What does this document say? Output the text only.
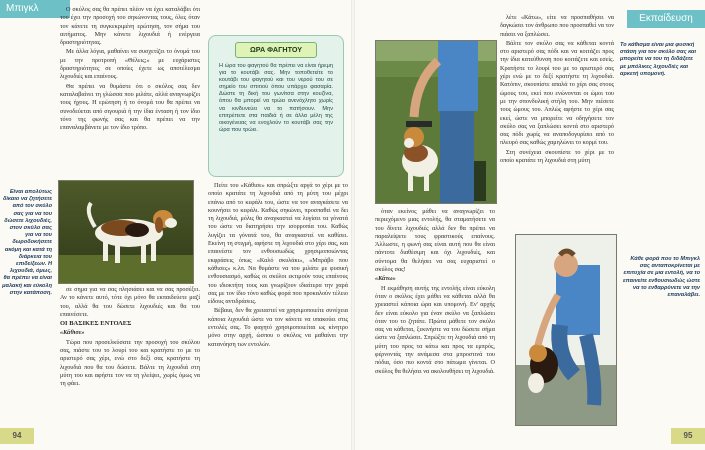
Μπιγκλ	Ο σκύλος σας θα πρέπει πλέον να έχει καταλάβει ότι του έχει την προσοχή του σηκώνοντας τους, όλες όταν τον κάνετε τη συγκεκριμένη ερώτηση, τον σήμα του αιτήματος. Μην κάνετε λιχουδιά ή ενέργεια δραστηριότητας.

Με άλλα λόγια, μαθαίνει να συσχετίζει το όνομά του με την προτροπή «Θέλεις;» με ευχάριστες δραστηριότητες σε οποίες έχετε ως αποτέλεσμα λιχουδιές και επαίνους.

Θα πρέπει να θυμάστε ότι ο σκύλος σας δεν καταλαβαίνει τη γλώσσα που μιλάτε, αλλά αναγνωρίζει τους ήχους. Η ερώτηση ή το όνομά του θα πρέπει να συνοδεύεται από σιγουριά ή την ίδια ένταση ή τον ίδιο τόνο της φωνής σας και θα πρέπει να την επαναλαμβάνετε με τον ίδιο τρόπο.

Είναι απολύτως δίκαιο να ζητήσετε από τον σκύλο σας για να του δώσετε λιχουδιές, στον σκύλο σας για να του δωροδοκήσετε ακόμη και κατά τη διάρκεια του επιδείξεων. Η λιχουδιά, όμως, θα πρέπει να είναι μαλακή και εύκολη στην κατάποση.	σε σημα για να σας πλησιάσει και να σας προσέξει. Αν το κάνετε αυτό, τότε όχι μόνο θα εκπαιδεύετε μαζί του, αλλά θα του δώσετε λιχουδιές και θα του επαινέσετε.

ΟΙ ΒΑΣΙΚΕΣ ΕΝΤΟΛΕΣ

«Κάθισε»

Τώρα που προσελκύσατε την προσοχή του σκύλου σας, πιάστε του το λουρί του και κρατήστε το με το αριστερό σας χέρι, ενώ στο δεξί σας κρατήστε τη λιχουδιά που θα του δώσετε. Βάλτε τη λιχουδιά στη μύτη του και αφήστε τον να τη γλείψει, χωρίς όμως να τη φάει.

ΩΡΑ ΦΑΓΗΤΟΥ
Η ώρα του φαγητού θα πρέπει να είναι ήρεμη για το κουτάβι σας. Μην τοποθετείτε το κουτάβι του φαγητού και του νερού του σε σημείο του σπιτιού όπου υπάρχει φασαρία. Δώστε τη δική του γωνίτσα στην κουζίνα, όπου θα μπορεί να τρώει ανενόχλητο χωρίς να κινδυνεύει να το πατήσουν. Μην επιτρέπετε στα παιδιά ή σε άλλα μέλη της οικογένειας να ενοχλούν το κουτάβι σας την ώρα που τρώει.

Πείτε του «Κάθισε» και σπρώξτε αργά το χέρι με το οποίο κρατάτε τη λιχουδιά από τη μύτη του μέχρι επάνω από το κεφάλι του, ώστε να τον αναγκάσετε να κουνήσει το κεφάλι. Καθώς σηκώνει, προσπαθεί να δει τη λιχουδιά, μόλις θα αναγκαστεί να λυγίσει τα γόνατά του ώστε να διατηρήσει την ισορροπία του. Καθώς λυγίζει τα γόνατά του, θα αναγκαστεί να καθίσει. Εκείνη τη στιγμή, αφήστε τη λιχουδιά στο χέρι σας, και επαινέστε τον ενθουσιωδώς χρησιμοποιώντας εκφράσεις όπως «Καλό σκυλάκι», «Μπράβο που κάθισες» κ.λπ. Να θυμάστε να του μιλάτε με φυσική ενθουσιασμό, καθώς οι σκύλοι εκτιμούν τους επαίνους του ιδιοκτήτη τους και γνωρίζουν ιδιαίτερα την χαρά σας με τον ίδιο τόνο καθώς φορά που προκαλούν τέλειο είδους αντιδράσεις.

Βέβαια, δεν θα χρειαστεί να χρησιμοποιείτε συνέχεια κάποια λιχουδιά ώστε να τον κάνετε να υπακούει στις εντολές σας. Το φαγητό χρησιμοποιείται ως κίνητρο μόνο στην αρχή, ώσπου ο σκύλος να μαθαίνει την κατανόηση των εντολών.

94
Εκπαίδευση
Το κάθισμα είναι μια φυσική στάση για τον σκύλο σας και μπορείτε να του τη διδάξετε με μπόλικες λιχουδιές και αρκετή υπομονή.

όταν εκείνος μάθει να αναγνωρίζει το περιεχόμενο μιας εντολής, θα σταματήσετε να του δίνετε λιχουδιές αλλά δεν θα πρέπει να παραλείψετε τους φραστικούς επαίνους. Άλλωστε, η φωνή σας είναι αυτή που θα είναι πάντοτε διαθέσιμη και όχι λιχουδιές, και σύντομα θα θελήσει να σας ευχαριστεί ο σκύλος σας!

«Κάτω»

Η εκμάθηση αυτής της εντολής είναι εύκολη όταν ο σκύλος έχει μάθει να κάθεται αλλά θα χρειαστεί κάποια ώρα και υπομονή. Εν' αρχής δεν είναι εύκολο για έναν σκύλο να ξαπλώσει όταν του το ζητάτε. Πρώτα μάθετε τον σκύλο σας να κάθεται, ξεκινήστε να του δώσετε σήμα ώστε να ξαπλώσει. Σπρώξτε τη λιχουδιά από τη μύτη του προς τα κάτω και προς τα εμπρός, φέρνοντάς την ανάμεσα στα μπροστινά του πόδια, όσο πιο κοντά στο πάτωμα γίνεται. Ο σκύλος θα θελήσει να ακολουθήσει τη λιχουδιά.

λέτε «Κάτω», είτε να προσπαθήσει να δαγκώσει τον άνθρωπο που προσπαθεί να τον πιάσει να ξαπλώσει.

Βάλτε τον σκύλο σας να κάθεται κοντά στο αριστερό σας πόδι και να κοιτάζει προς την ίδια κατεύθυνση που κοιτάζετε και εσείς. Κρατήστε το λουρί του με το αριστερό σας χέρι ενώ με το δεξί κρατήστε τη λιχουδιά. Κατόπιν, σκουπίστε απαλά το χέρι σας στους ώμους του, εκεί που ενώνονται οι ώμοι του με την σπονδυλική στήλη του. Μην πιέσετε τους ώμους του. Απλώς αφήστε το χέρι σας εκεί, ώστε να μπορείτε να οδηγήσετε τον σκύλο σας να ξαπλώσει κοντά στο αριστερό σας πόδι χωρίς να αναποδογυρίσει από το πλευρό σας καθώς χαμηλώνει το κορμί του.

Στη συνέχεια σκουπίστε το χέρι με το οποίο κρατάτε τη λιχουδιά στη μύτη

Κάθε φορά που το Μπιγκλ σας ανταποκρίνεται με επιτυχία σε μια εντολή, να το επαινείτε ενθουσιωδώς ώστε να το ενθαρρύνετε να την επαναλάβει.
95
